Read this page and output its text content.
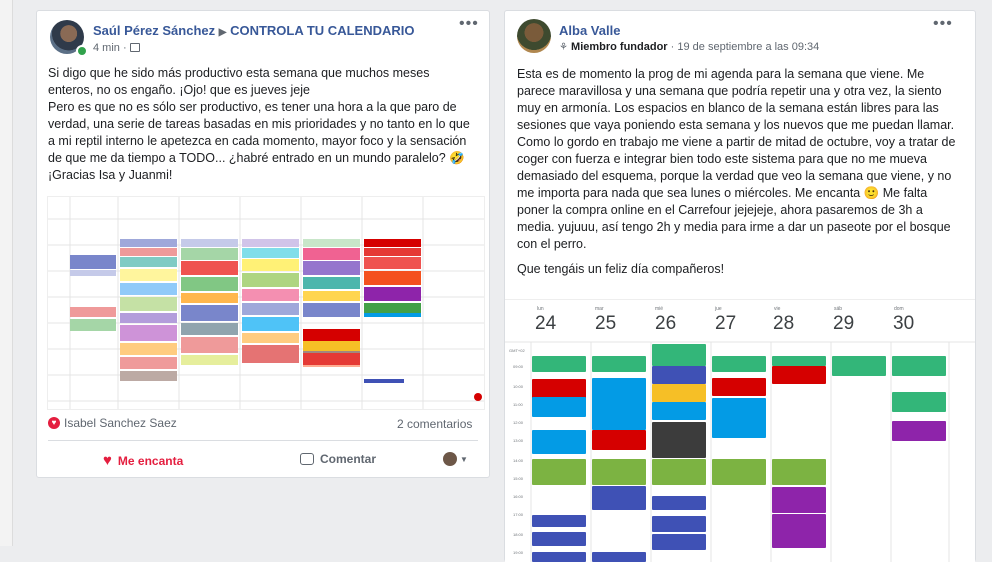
Saúl Pérez Sánchez ▶ CONTROLA TU CALENDARIO
4 min ·
•••

Si digo que he sido más productivo esta semana que muchos meses enteros, no os engaño. ¡Ojo! que es jueves jeje

Pero es que no es sólo ser productivo, es tener una hora a la que paro de verdad, una serie de tareas basadas en mis prioridades y no tanto en lo que a mi reptil interno le apetezca en cada momento, mayor foco y la sensación de que me da tiempo a TODO... ¿habré entrado en un mundo paralelo? 🤣 ¡Gracias Isa y Juanmi!

♥ Isabel Sanchez Saez	2 comentarios
♥ Me encanta	Comentar	▼
Alba Valle
⚘ Miembro fundador · 19 de septiembre a las 09:34
•••

Esta es de momento la prog de mi agenda para la semana que viene. Me parece maravillosa y una semana que podría repetir una y otra vez, la siento muy en armonía. Los espacios en blanco de la semana están libres para las sesiones que vaya poniendo esta semana y los nuevos que me puedan llamar. Como lo gordo en trabajo me viene a partir de mitad de octubre, voy a tratar de coger con fuerza e integrar bien todo este sistema para que no me mueva demasiado del esquema, porque la verdad que veo la semana que viene, y no me importa para nada que sea lunes o miércoles. Me encanta 🙂 Me falta poner la compra online en el Carrefour jejejeje, ahora pasaremos de 3h a media. yujuuu, así tengo 2h y media para irme a dar un paseote por el bosque con el perro.

Que tengáis un feliz día compañeros!

lun
24
mar
25
mié
26
jue
27
vie
28
sáb
29
dom
30
GMT+02
09:00
10:00
11:00
12:00
13:00
14:00
15:00
16:00
17:00
18:00
19:00
